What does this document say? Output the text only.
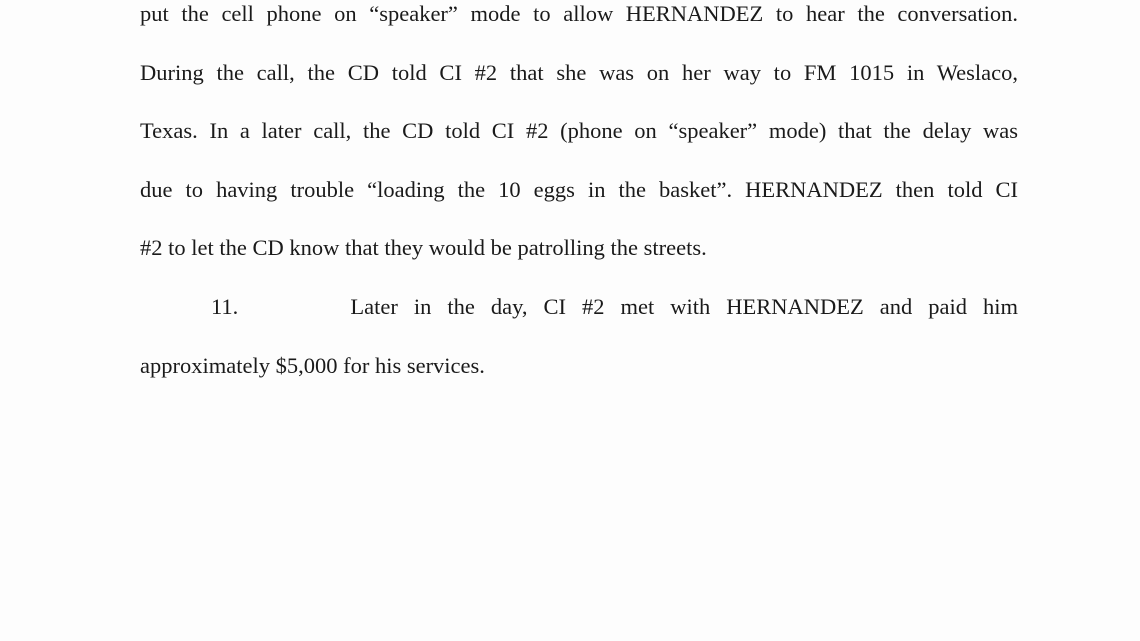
put the cell phone on “speaker” mode to allow HERNANDEZ to hear the conversation.
During the call, the CD told CI #2 that she was on her way to FM 1015 in Weslaco,
Texas. In a later call, the CD told CI #2 (phone on “speaker” mode) that the delay was
due to having trouble “loading the 10 eggs in the basket”. HERNANDEZ then told CI
#2 to let the CD know that they would be patrolling the streets.
11.	Later in the day, CI #2 met with HERNANDEZ and paid him
approximately $5,000 for his services.
